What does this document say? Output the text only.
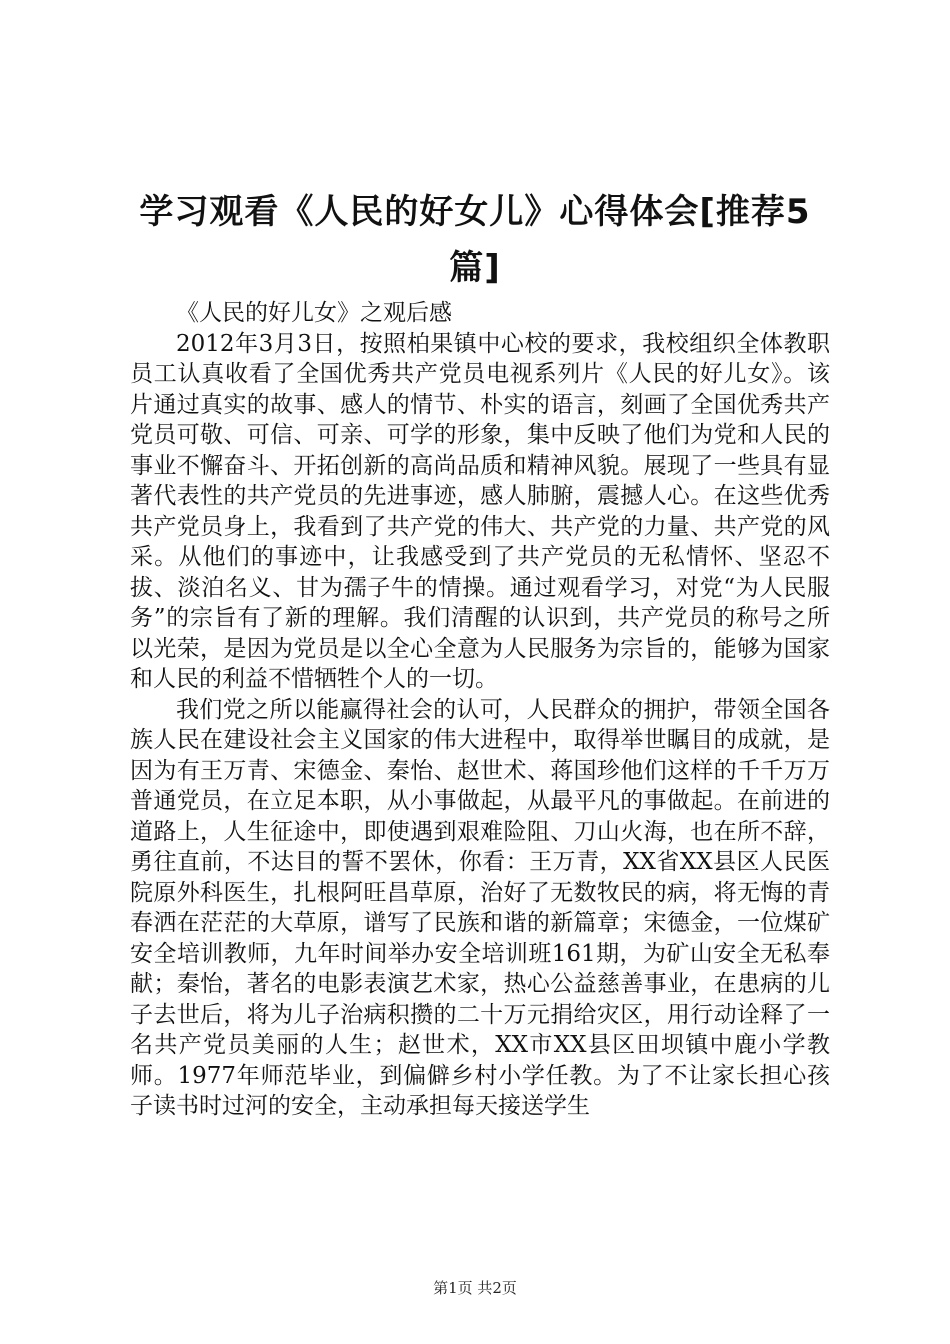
学习观看《人民的好女儿》心得体会[推荐5篇]

《人民的好儿女》之观后感

2012年3月3日，按照柏果镇中心校的要求，我校组织全体教职员工认真收看了全国优秀共产党员电视系列片《人民的好儿女》。该片通过真实的故事、感人的情节、朴实的语言，刻画了全国优秀共产党员可敬、可信、可亲、可学的形象，集中反映了他们为党和人民的事业不懈奋斗、开拓创新的高尚品质和精神风貌。展现了一些具有显著代表性的共产党员的先进事迹，感人肺腑，震撼人心。在这些优秀共产党员身上，我看到了共产党的伟大、共产党的力量、共产党的风采。从他们的事迹中，让我感受到了共产党员的无私情怀、坚忍不拔、淡泊名义、甘为孺子牛的情操。通过观看学习，对党“为人民服务”的宗旨有了新的理解。我们清醒的认识到，共产党员的称号之所以光荣，是因为党员是以全心全意为人民服务为宗旨的，能够为国家和人民的利益不惜牺牲个人的一切。

我们党之所以能赢得社会的认可，人民群众的拥护，带领全国各族人民在建设社会主义国家的伟大进程中，取得举世瞩目的成就，是因为有王万青、宋德金、秦怡、赵世术、蒋国珍他们这样的千千万万普通党员，在立足本职，从小事做起，从最平凡的事做起。在前进的道路上，人生征途中，即使遇到艰难险阻、刀山火海，也在所不辞，勇往直前，不达目的誓不罢休，你看：王万青，XX省XX县区人民医院原外科医生，扎根阿旺昌草原，治好了无数牧民的病，将无悔的青春洒在茫茫的大草原，谱写了民族和谐的新篇章；宋德金，一位煤矿安全培训教师，九年时间举办安全培训班161期，为矿山安全无私奉献；秦怡，著名的电影表演艺术家，热心公益慈善事业，在患病的儿子去世后，将为儿子治病积攒的二十万元捐给灾区，用行动诠释了一名共产党员美丽的人生；赵世术，XX市XX县区田坝镇中鹿小学教师。1977年师范毕业，到偏僻乡村小学任教。为了不让家长担心孩子读书时过河的安全，主动承担每天接送学生

第1页 共2页
